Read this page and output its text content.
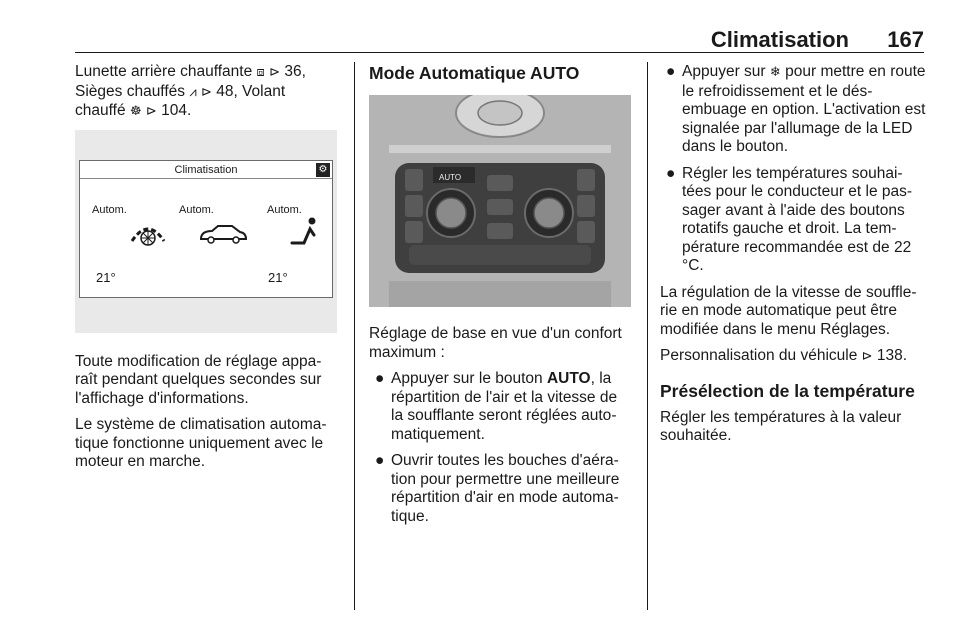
Climatisation 167

Lunette arrière chauffante ⧈ ⊳ 36,
Sièges chauffés ⩘ ⊳ 48, Volant
chauffé ☸ ⊳ 104.

Climatisation	⚙
Autom.	Autom.	Autom.
21°	21°

Toute modification de réglage apparaît pendant quelques secondes sur l'affichage d'informations.

Le système de climatisation automatique fonctionne uniquement avec le moteur en marche.

Mode Automatique AUTO
AUTO

Réglage de base en vue d'un confort maximum :

● Appuyer sur le bouton AUTO, la répartition de l'air et la vitesse de la soufflante seront réglées automatiquement.
● Ouvrir toutes les bouches d'aération pour permettre une meilleure répartition d'air en mode automatique.
● Appuyer sur ❄ pour mettre en route le refroidissement et le désembuage en option. L'activation est signalée par l'allumage de la LED dans le bouton.
● Régler les températures souhaitées pour le conducteur et le passager avant à l'aide des boutons rotatifs gauche et droit. La température recommandée est de 22 °C.

La régulation de la vitesse de soufflerie en mode automatique peut être modifiée dans le menu Réglages.

Personnalisation du véhicule ⊳ 138.

Présélection de la température

Régler les températures à la valeur souhaitée.
